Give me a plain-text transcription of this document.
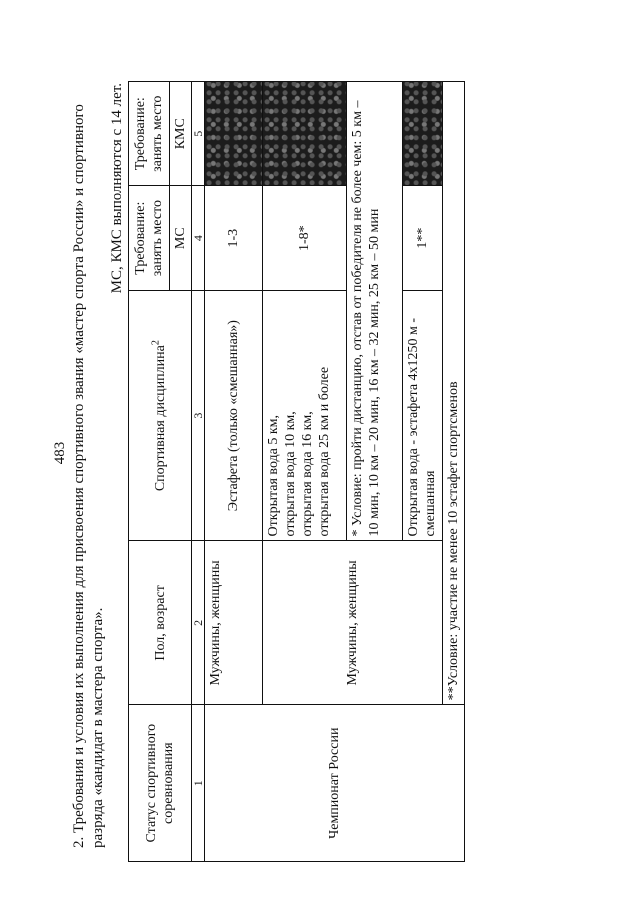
483 2. Требования и условия их выполнения для присвоения спортивного звания «мастер спорта России» и спортивного разряда «кандидат в мастера спорта».

МС, КМС выполняются с 14 лет.
Статус спортивного соревнования	Пол, возраст	Спортивная дисциплина$^2$	Требование: занять место	Требование: занять место
			МС	КМС
1	2	3	4	5
Чемпионат России	Мужчины, женщины	Эстафета (только «смешанная»)	1-3	
	Мужчины, женщины	Открытая вода 5 км, открытая вода 10 км, открытая вода 16 км, открытая вода 25 км и более	1-8*	
		* Условие: пройти дистанцию, отстав от победителя не более чем: 5 км – 10 мин, 10 км – 20 мин, 16 км – 32 мин, 25 км – 50 мин		
		Открытая вода - эстафета 4х1250 м - смешанная	1**	
	**Условие: участие не менее 10 эстафет спортсменов			
